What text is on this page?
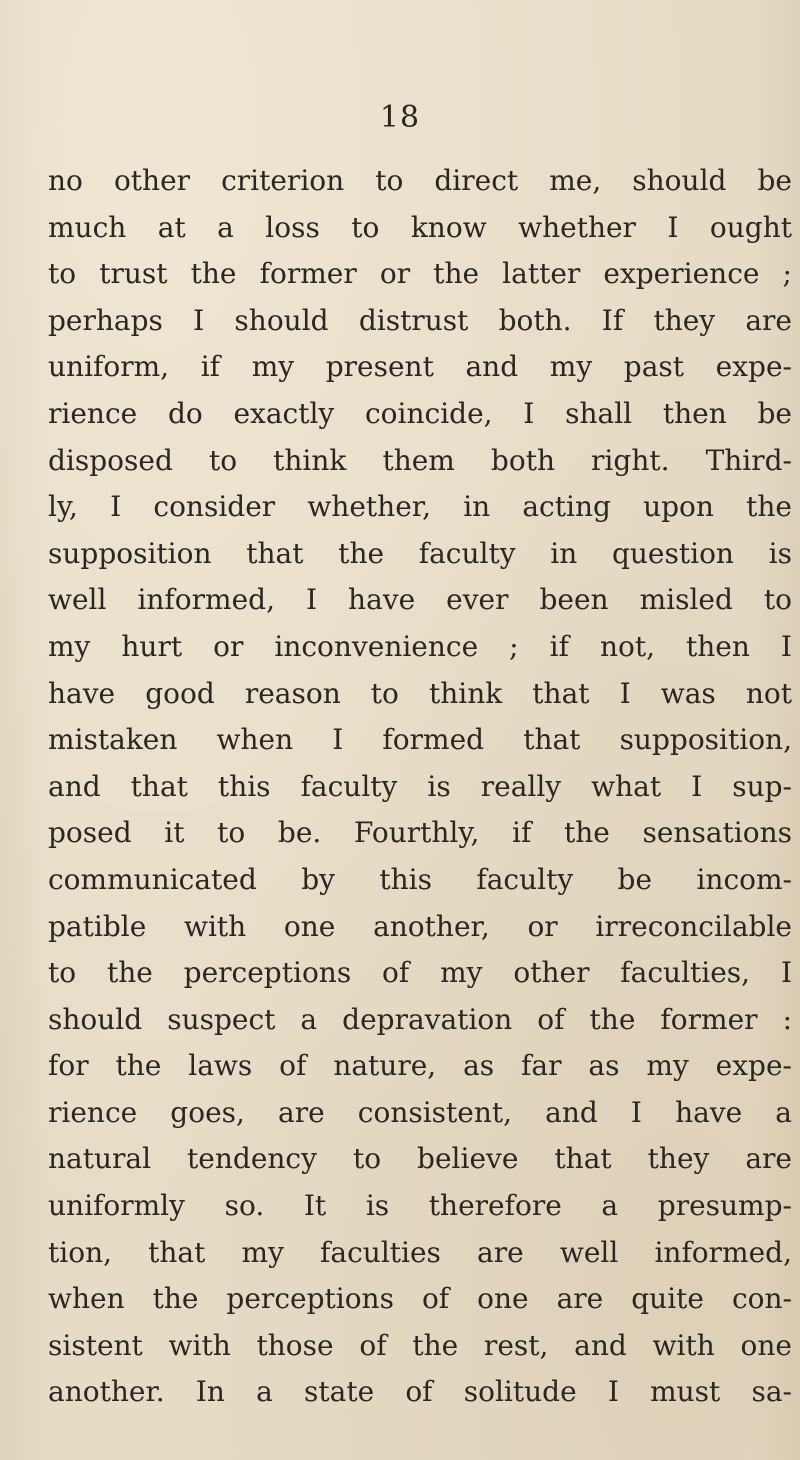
18
no other criterion to direct me, should be
much at a loss to know whether I ought
to trust the former or the latter experience ;
perhaps I should distrust both. If they are
uniform, if my present and my past expe-
rience do exactly coincide, I shall then be
disposed to think them both right. Third-
ly, I consider whether, in acting upon the
supposition that the faculty in question is
well informed, I have ever been misled to
my hurt or inconvenience ; if not, then I
have good reason to think that I was not
mistaken when I formed that supposition,
and that this faculty is really what I sup-
posed it to be. Fourthly, if the sensations
communicated by this faculty be incom-
patible with one another, or irreconcilable
to the perceptions of my other faculties, I
should suspect a depravation of the former :
for the laws of nature, as far as my expe-
rience goes, are consistent, and I have a
natural tendency to believe that they are
uniformly so. It is therefore a presump-
tion, that my faculties are well informed,
when the perceptions of one are quite con-
sistent with those of the rest, and with one
another. In a state of solitude I must sa-
